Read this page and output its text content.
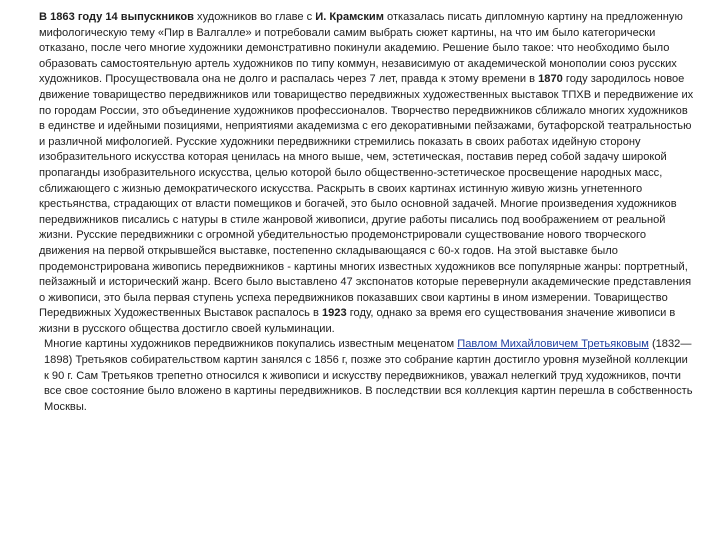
В 1863 году 14 выпускников художников во главе с И. Крамским отказалась писать дипломную картину на предложенную мифологическую тему «Пир в Валгалле» и потребовали самим выбрать сюжет картины, на что им было категорически отказано, после чего многие художники демонстративно покинули академию. Решение было такое: что необходимо было образовать самостоятельную артель художников по типу коммун, независимую от академической монополии союз русских художников. Просуществовала она не долго и распалась через 7 лет, правда к этому времени в 1870 году зародилось новое движение товарищество передвижников или товарищество передвижных художественных выставок ТПХВ и передвижение их по городам России, это объединение художников профессионалов. Творчество передвижников сближало многих художников в единстве и идейными позициями, неприятиями академизма с его декоративными пейзажами, бутафорской театральностью и различной мифологией. Русские художники передвижники стремились показать в своих работах идейную сторону изобразительного искусства которая ценилась на много выше, чем, эстетическая, поставив перед собой задачу широкой пропаганды изобразительного искусства, целью которой было общественно-эстетическое просвещение народных масс, сближающего с жизнью демократического искусства. Раскрыть в своих картинах истинную живую жизнь угнетенного крестьянства, страдающих от власти помещиков и богачей, это было основной задачей. Многие произведения художников передвижников писались с натуры в стиле жанровой живописи, другие работы писались под воображением от реальной жизни. Русские передвижники с огромной убедительностью продемонстрировали существование нового творческого движения на первой открывшейся выставке, постепенно складывающаяся с 60-х годов. На этой выставке было продемонстрирована живопись передвижников - картины многих известных художников все популярные жанры: портретный, пейзажный и исторический жанр. Всего было выставлено 47 экспонатов которые перевернули академические представления о живописи, это была первая ступень успеха передвижников показавших свои картины в ином измерении. Товарищество Передвижных Художественных Выставок распалось в 1923 году, однако за время его существования значение живописи в жизни в русского общества достигло своей кульминации.

Многие картины художников передвижников покупались известным меценатом Павлом Михайловичем Третьяковым (1832—1898) Третьяков собирательством картин занялся с 1856 г, позже это собрание картин достигло уровня музейной коллекции к 90 г. Сам Третьяков трепетно относился к живописи и искусству передвижников, уважал нелегкий труд художников, почти все свое состояние было вложено в картины передвижников. В последствии вся коллекция картин перешла в собственность Москвы.
